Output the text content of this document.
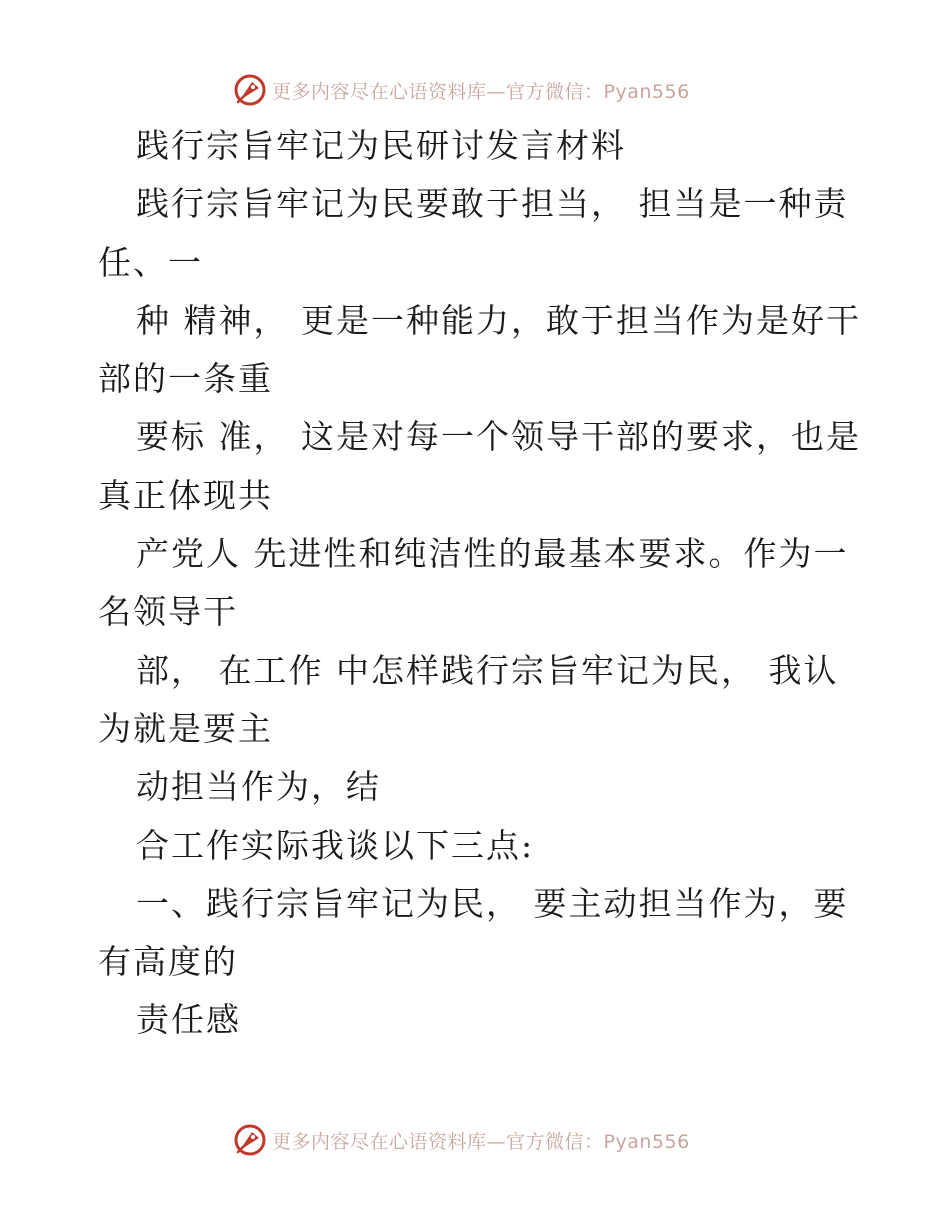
更多内容尽在心语资料库—官方微信：Pyan556
践行宗旨牢记为民研讨发言材料
践行宗旨牢记为民要敢于担当， 担当是一种责
任、一
种 精神， 更是一种能力，敢于担当作为是好干
部的一条重
要标 准， 这是对每一个领导干部的要求，也是
真正体现共
产党人 先进性和纯洁性的最基本要求。作为一
名领导干
部， 在工作 中怎样践行宗旨牢记为民， 我认
为就是要主
动担当作为，结
合工作实际我谈以下三点:
一、践行宗旨牢记为民， 要主动担当作为，要
有高度的
责任感
更多内容尽在心语资料库—官方微信：Pyan556
